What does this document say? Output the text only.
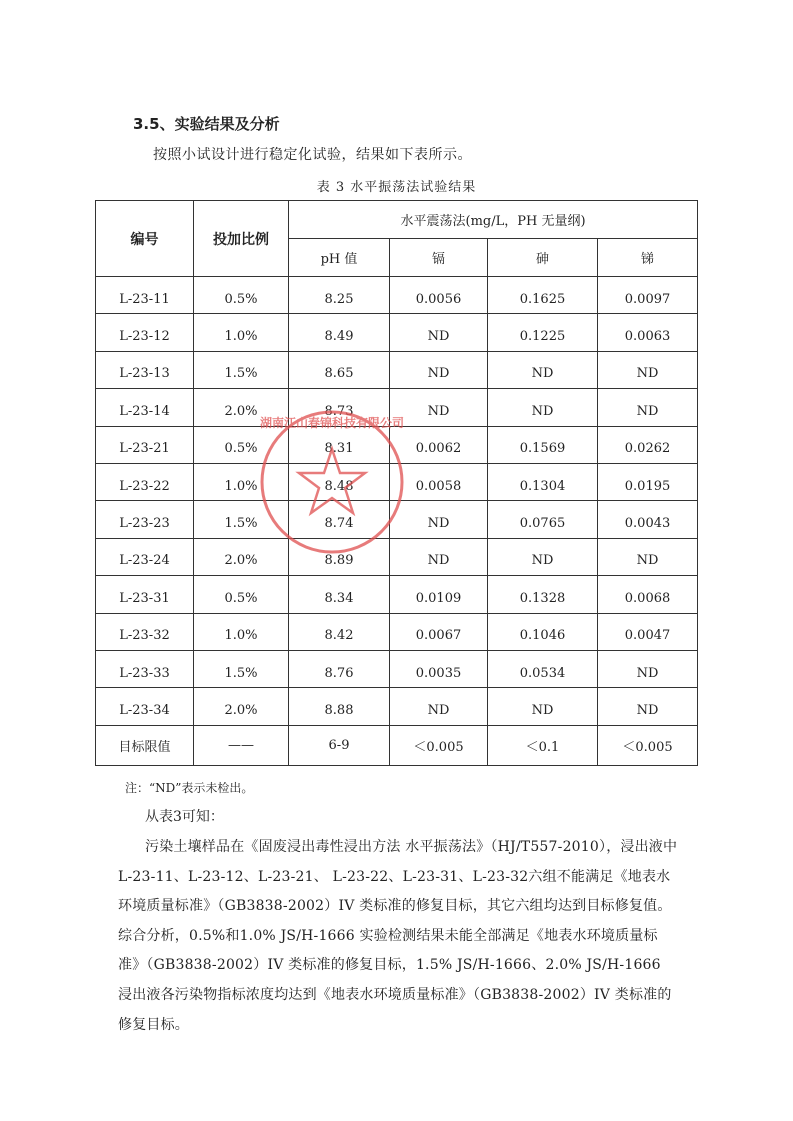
3.5、实验结果及分析
按照小试设计进行稳定化试验，结果如下表所示。
表 3 水平振荡法试验结果
编号	投加比例	水平震荡法(mg/L，PH 无量纲)			
		pH 值	镉	砷	锑
L-23-11	0.5%	8.25	0.0056	0.1625	0.0097
L-23-12	1.0%	8.49	ND	0.1225	0.0063
L-23-13	1.5%	8.65	ND	ND	ND
L-23-14	2.0%	8.73	ND	ND	ND
L-23-21	0.5%	8.31	0.0062	0.1569	0.0262
L-23-22	1.0%	8.48	0.0058	0.1304	0.0195
L-23-23	1.5%	8.74	ND	0.0765	0.0043
L-23-24	2.0%	8.89	ND	ND	ND
L-23-31	0.5%	8.34	0.0109	0.1328	0.0068
L-23-32	1.0%	8.42	0.0067	0.1046	0.0047
L-23-33	1.5%	8.76	0.0035	0.0534	ND
L-23-34	2.0%	8.88	ND	ND	ND
目标限值	——	6-9	＜0.005	＜0.1	＜0.005
注：“ND”表示未检出。
从表3可知：
污染土壤样品在《固废浸出毒性浸出方法 水平振荡法》（HJ/T557-2010），浸出液中 L-23-11、L-23-12、L-23-21、 L-23-22、L-23-31、L-23-32六组不能满足《地表水环境质量标准》（GB3838-2002）IV 类标准的修复目标，其它六组均达到目标修复值。综合分析，0.5%和1.0% JS/H-1666 实验检测结果未能全部满足《地表水环境质量标准》（GB3838-2002）IV 类标准的修复目标，1.5% JS/H-1666、2.0% JS/H-1666 浸出液各污染物指标浓度均达到《地表水环境质量标准》（GB3838-2002）IV 类标准的修复目标。
湖南江山春锦科技有限公司
